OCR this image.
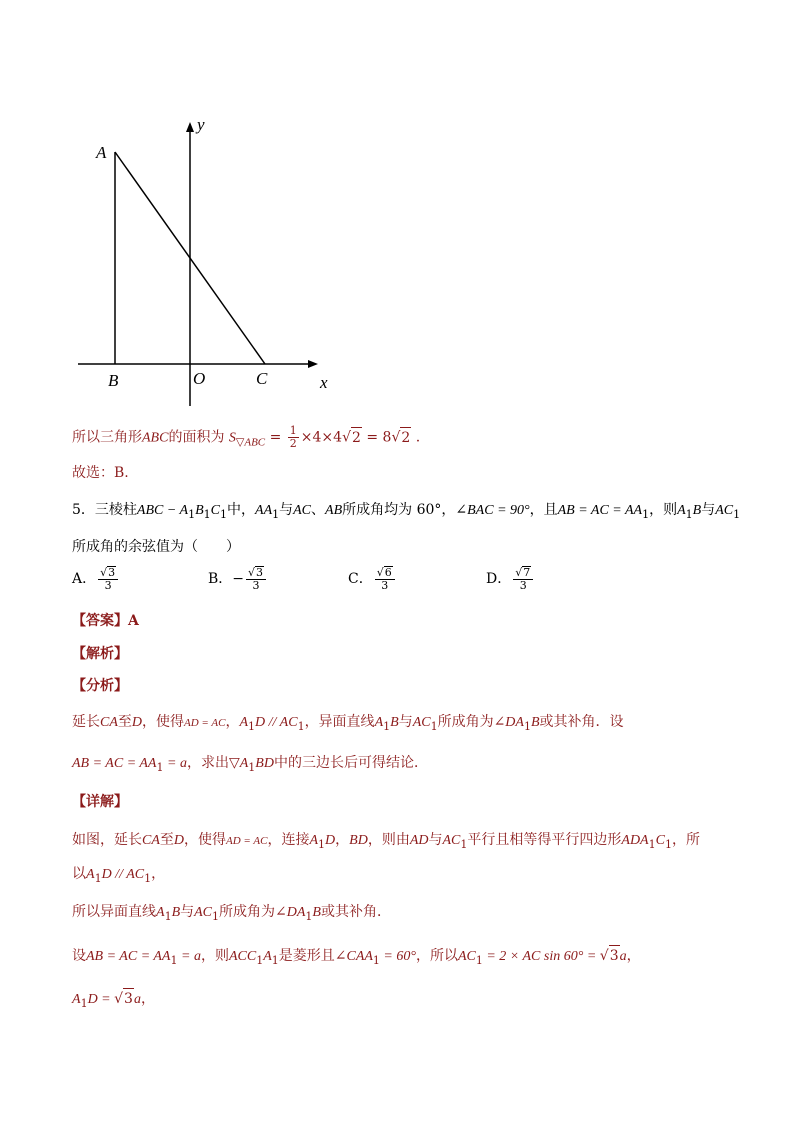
A
B	O	C	x
y
所以三角形ABC的面积为 $S_{▽ABC} = \frac{1}{2} \times 4\times 4√2 = 8√2$ .
故选：B.
5．三棱柱ABC − $A_1B_1C_1$中，$AA_1$与AC、AB所成角均为 60°，∠BAC = 90°，且AB = AC = $AA_1$，则$A_1B$与$AC_1$
所成角的余弦值为（　　）
A． $\frac{√3}{3}$	B．− $\frac{√3}{3}$	C． $\frac{√6}{3}$	D． $\frac{√7}{3}$
【答案】A
【解析】
【分析】
延长CA至D，使得AD = AC，$A_1D // AC_1$，异面直线$A_1B$与$AC_1$所成角为$\angle DA_1B$或其补角．设
AB = AC = $AA_1 = a$，求出$▽A_1BD$中的三边长后可得结论．
【详解】
如图，延长CA至D，使得AD = AC，连接$A_1D$，BD，则由AD与$AC_1$平行且相等得平行四边形$ADA_1C_1$，所
以$A_1D // AC_1$，
所以异面直线$A_1B$与$AC_1$所成角为$\angle DA_1B$或其补角．
设AB = AC = $AA_1 = a$，则$ACC_1A_1$是菱形且$\angle CAA_1 = 60^\circ$，所以$AC_1 = 2$ × AC sin 60° = √3a，
$A_1D = √3a$，
